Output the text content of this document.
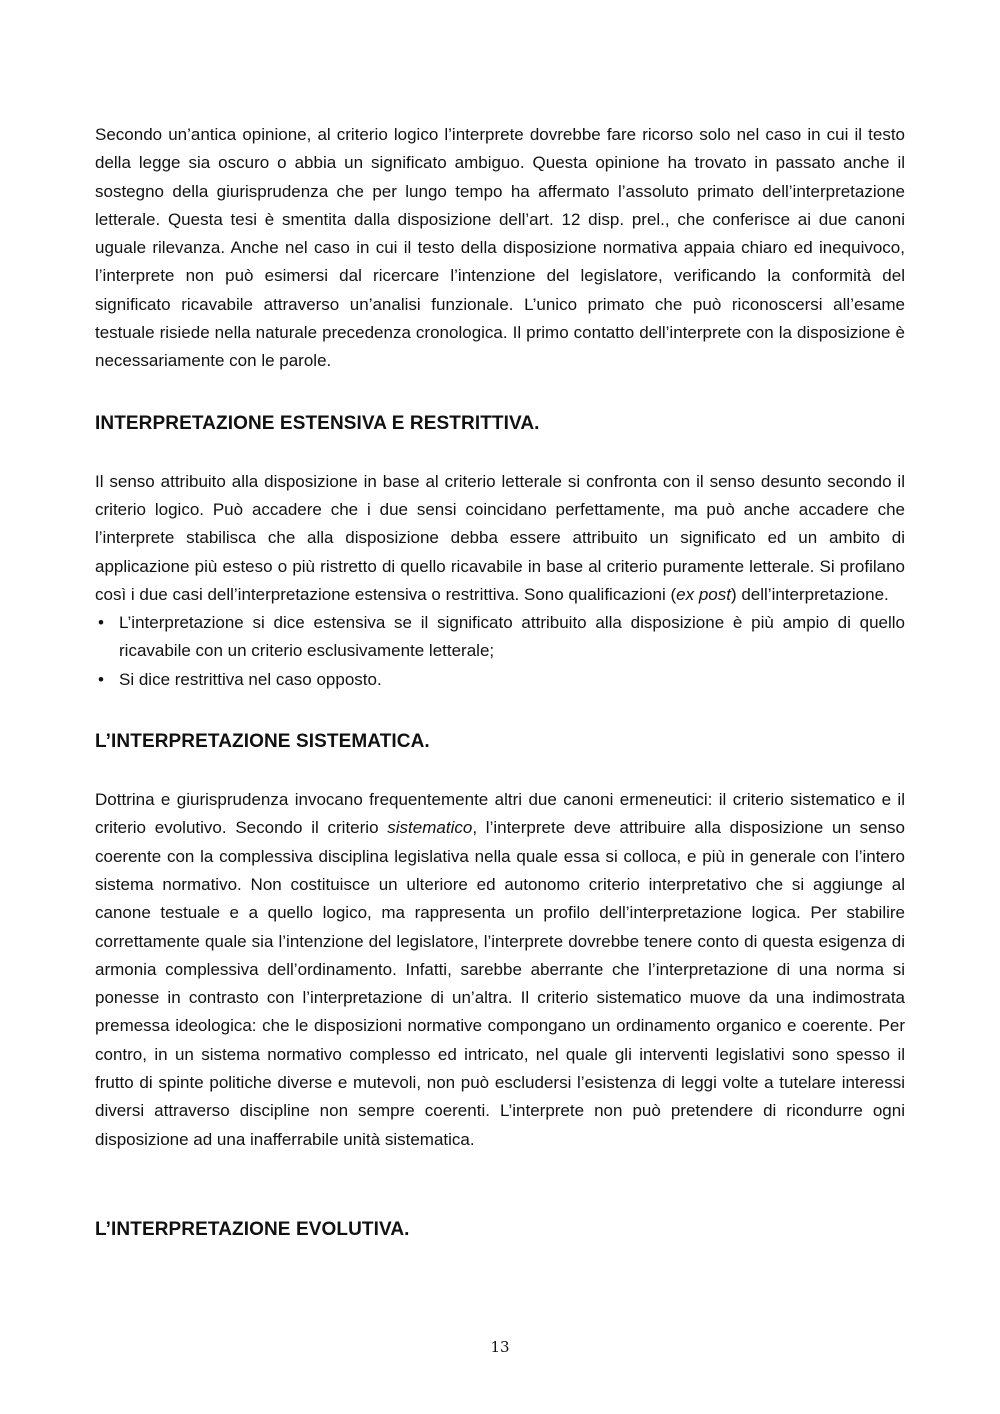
Secondo un’antica opinione, al criterio logico l’interprete dovrebbe fare ricorso solo nel caso in cui il testo della legge sia oscuro o abbia un significato ambiguo. Questa opinione ha trovato in passato anche il sostegno della giurisprudenza che per lungo tempo ha affermato l’assoluto primato dell’interpretazione letterale. Questa tesi è smentita dalla disposizione dell’art. 12 disp. prel., che conferisce ai due canoni uguale rilevanza. Anche nel caso in cui il testo della disposizione normativa appaia chiaro ed inequivoco, l’interprete non può esimersi dal ricercare l’intenzione del legislatore, verificando la conformità del significato ricavabile attraverso un’analisi funzionale. L’unico primato che può riconoscersi all’esame testuale risiede nella naturale precedenza cronologica. Il primo contatto dell’interprete con la disposizione è necessariamente con le parole.

INTERPRETAZIONE ESTENSIVA E RESTRITTIVA.

Il senso attribuito alla disposizione in base al criterio letterale si confronta con il senso desunto secondo il criterio logico. Può accadere che i due sensi coincidano perfettamente, ma può anche accadere che l’interprete stabilisca che alla disposizione debba essere attribuito un significato ed un ambito di applicazione più esteso o più ristretto di quello ricavabile in base al criterio puramente letterale. Si profilano così i due casi dell’interpretazione estensiva o restrittiva. Sono qualificazioni (ex post) dell’interpretazione.

• L’interpretazione si dice estensiva se il significato attribuito alla disposizione è più ampio di quello ricavabile con un criterio esclusivamente letterale;
• Si dice restrittiva nel caso opposto.
L’INTERPRETAZIONE SISTEMATICA.

Dottrina e giurisprudenza invocano frequentemente altri due canoni ermeneutici: il criterio sistematico e il criterio evolutivo. Secondo il criterio sistematico, l’interprete deve attribuire alla disposizione un senso coerente con la complessiva disciplina legislativa nella quale essa si colloca, e più in generale con l’intero sistema normativo. Non costituisce un ulteriore ed autonomo criterio interpretativo che si aggiunge al canone testuale e a quello logico, ma rappresenta un profilo dell’interpretazione logica. Per stabilire correttamente quale sia l’intenzione del legislatore, l’interprete dovrebbe tenere conto di questa esigenza di armonia complessiva dell’ordinamento. Infatti, sarebbe aberrante che l’interpretazione di una norma si ponesse in contrasto con l’interpretazione di un’altra. Il criterio sistematico muove da una indimostrata premessa ideologica: che le disposizioni normative compongano un ordinamento organico e coerente. Per contro, in un sistema normativo complesso ed intricato, nel quale gli interventi legislativi sono spesso il frutto di spinte politiche diverse e mutevoli, non può escludersi l’esistenza di leggi volte a tutelare interessi diversi attraverso discipline non sempre coerenti. L’interprete non può pretendere di ricondurre ogni disposizione ad una inafferrabile unità sistematica.

L’INTERPRETAZIONE EVOLUTIVA.
13
